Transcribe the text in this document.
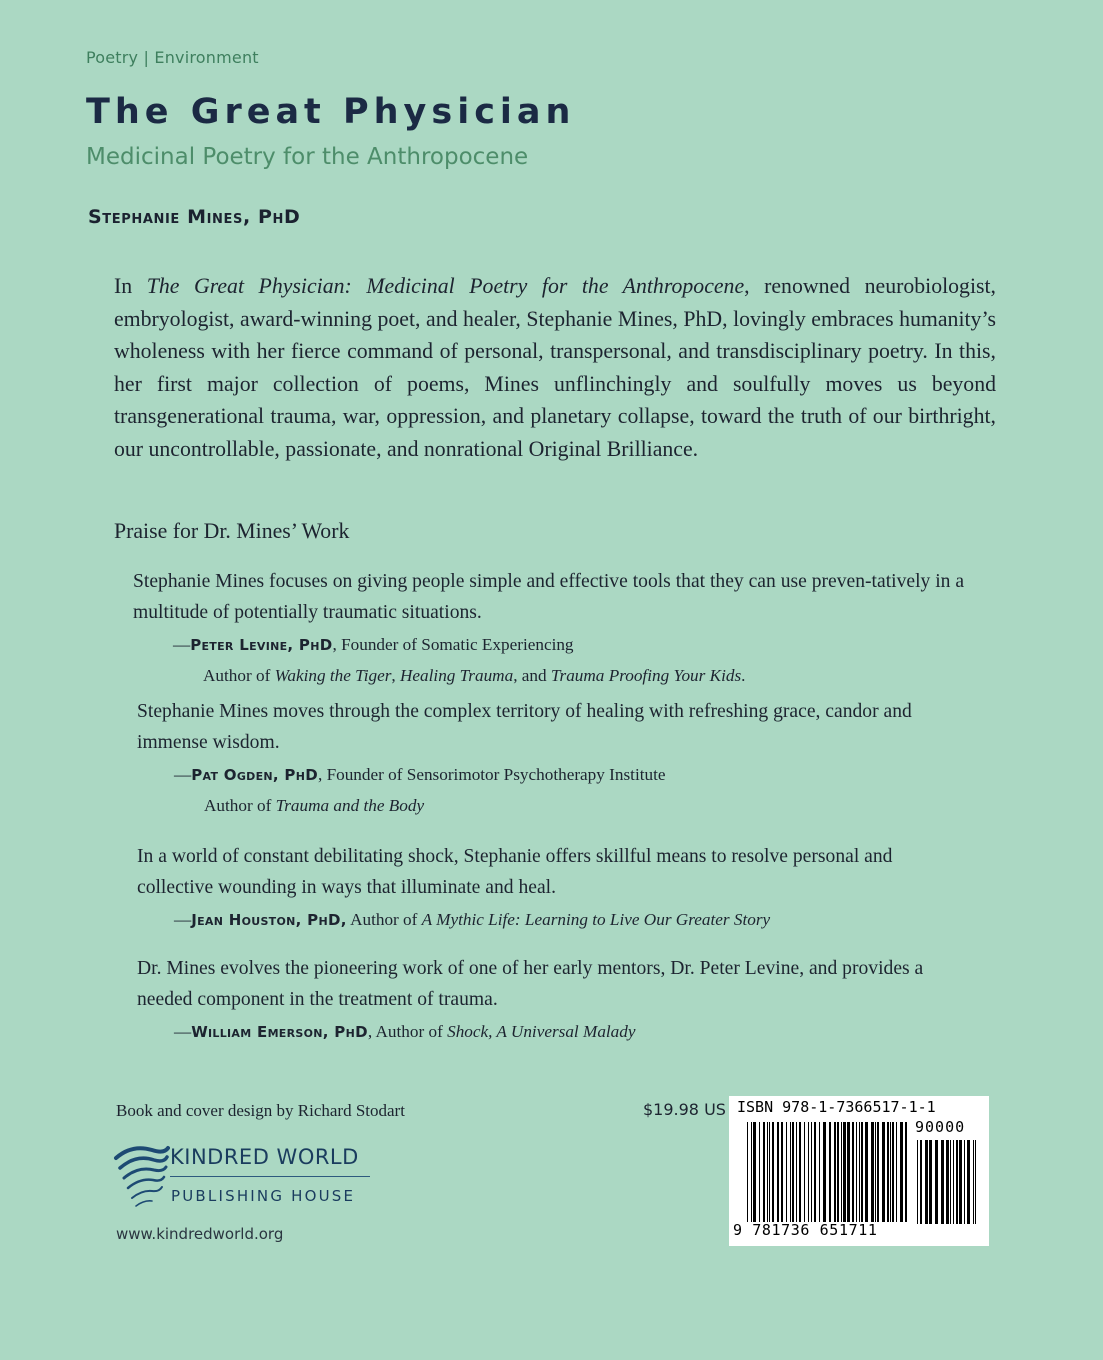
Poetry | Environment
The Great Physician
Medicinal Poetry for the Anthropocene
Stephanie Mines, PhD

In The Great Physician: Medicinal Poetry for the Anthropocene, renowned neurobiologist, embryologist, award-winning poet, and healer, Stephanie Mines, PhD, lovingly embraces humanity’s wholeness with her fierce command of personal, transpersonal, and transdisciplinary poetry. In this, her first major collection of poems, Mines unflinchingly and soulfully moves us beyond transgenerational trauma, war, oppression, and planetary collapse, toward the truth of our birthright, our uncontrollable, passionate, and nonrational Original Brilliance.

Praise for Dr. Mines’ Work

Stephanie Mines focuses on giving people simple and effective tools that they can use preven-tatively in a multitude of potentially traumatic situations.

—Peter Levine, PhD, Founder of Somatic Experiencing
Author of Waking the Tiger, Healing Trauma, and Trauma Proofing Your Kids.

Stephanie Mines moves through the complex territory of healing with refreshing grace, candor and immense wisdom.

—Pat Ogden, PhD, Founder of Sensorimotor Psychotherapy Institute
Author of Trauma and the Body

In a world of constant debilitating shock, Stephanie offers skillful means to resolve personal and collective wounding in ways that illuminate and heal.

—Jean Houston, PhD, Author of A Mythic Life: Learning to Live Our Greater Story

Dr. Mines evolves the pioneering work of one of her early mentors, Dr. Peter Levine, and provides a needed component in the treatment of trauma.

—William Emerson, PhD, Author of Shock, A Universal Malady
Book and cover design by Richard Stodart
KINDRED WORLD
PUBLISHING HOUSE
www.kindredworld.org
$19.98 US ISBN 978-1-7366517-1-1
90000
9 781736 651711
